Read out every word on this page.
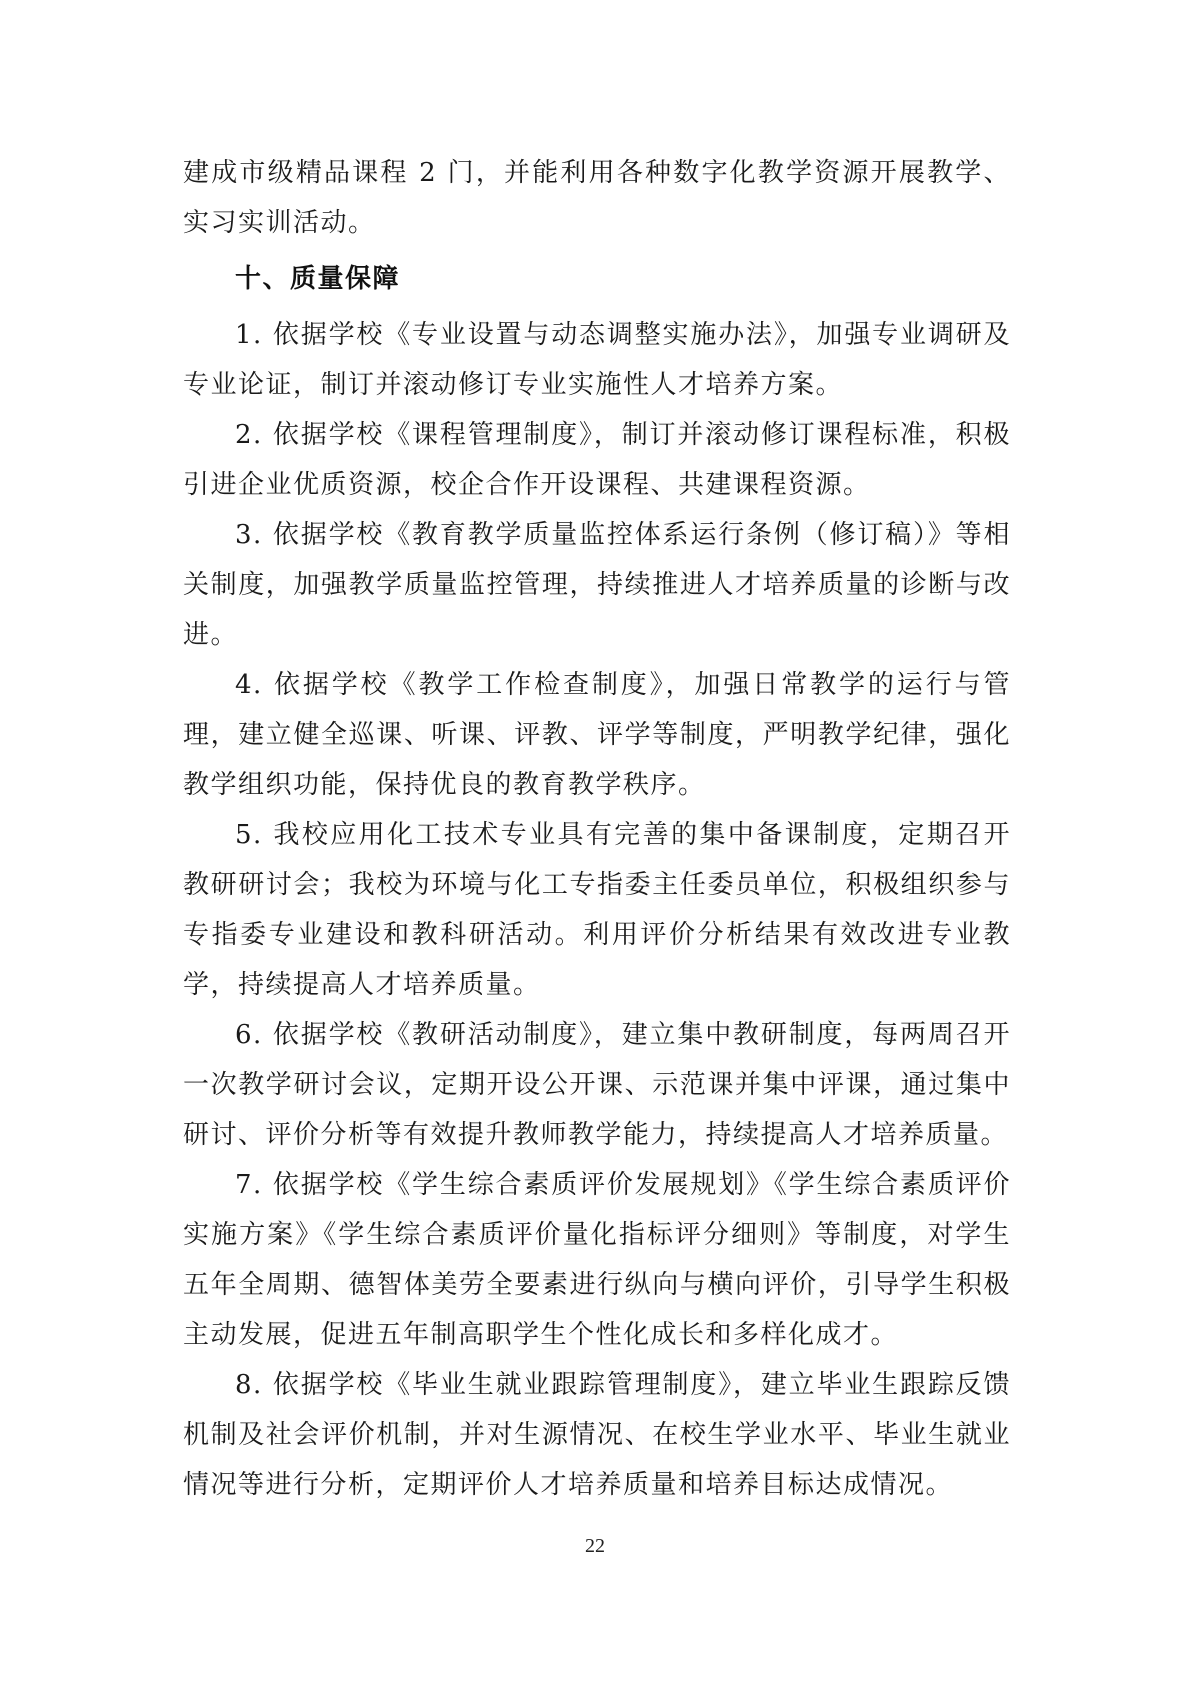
建成市级精品课程 2 门，并能利用各种数字化教学资源开展教学、实习实训活动。

十、质量保障

1. 依据学校《专业设置与动态调整实施办法》，加强专业调研及专业论证，制订并滚动修订专业实施性人才培养方案。

2. 依据学校《课程管理制度》，制订并滚动修订课程标准，积极引进企业优质资源，校企合作开设课程、共建课程资源。

3. 依据学校《教育教学质量监控体系运行条例（修订稿）》等相关制度，加强教学质量监控管理，持续推进人才培养质量的诊断与改进。

4. 依据学校《教学工作检查制度》，加强日常教学的运行与管理，建立健全巡课、听课、评教、评学等制度，严明教学纪律，强化教学组织功能，保持优良的教育教学秩序。

5. 我校应用化工技术专业具有完善的集中备课制度，定期召开教研研讨会；我校为环境与化工专指委主任委员单位，积极组织参与专指委专业建设和教科研活动。利用评价分析结果有效改进专业教学，持续提高人才培养质量。

6. 依据学校《教研活动制度》，建立集中教研制度，每两周召开一次教学研讨会议，定期开设公开课、示范课并集中评课，通过集中研讨、评价分析等有效提升教师教学能力，持续提高人才培养质量。

7. 依据学校《学生综合素质评价发展规划》《学生综合素质评价实施方案》《学生综合素质评价量化指标评分细则》等制度，对学生五年全周期、德智体美劳全要素进行纵向与横向评价，引导学生积极主动发展，促进五年制高职学生个性化成长和多样化成才。

8. 依据学校《毕业生就业跟踪管理制度》，建立毕业生跟踪反馈机制及社会评价机制，并对生源情况、在校生学业水平、毕业生就业情况等进行分析，定期评价人才培养质量和培养目标达成情况。

22
